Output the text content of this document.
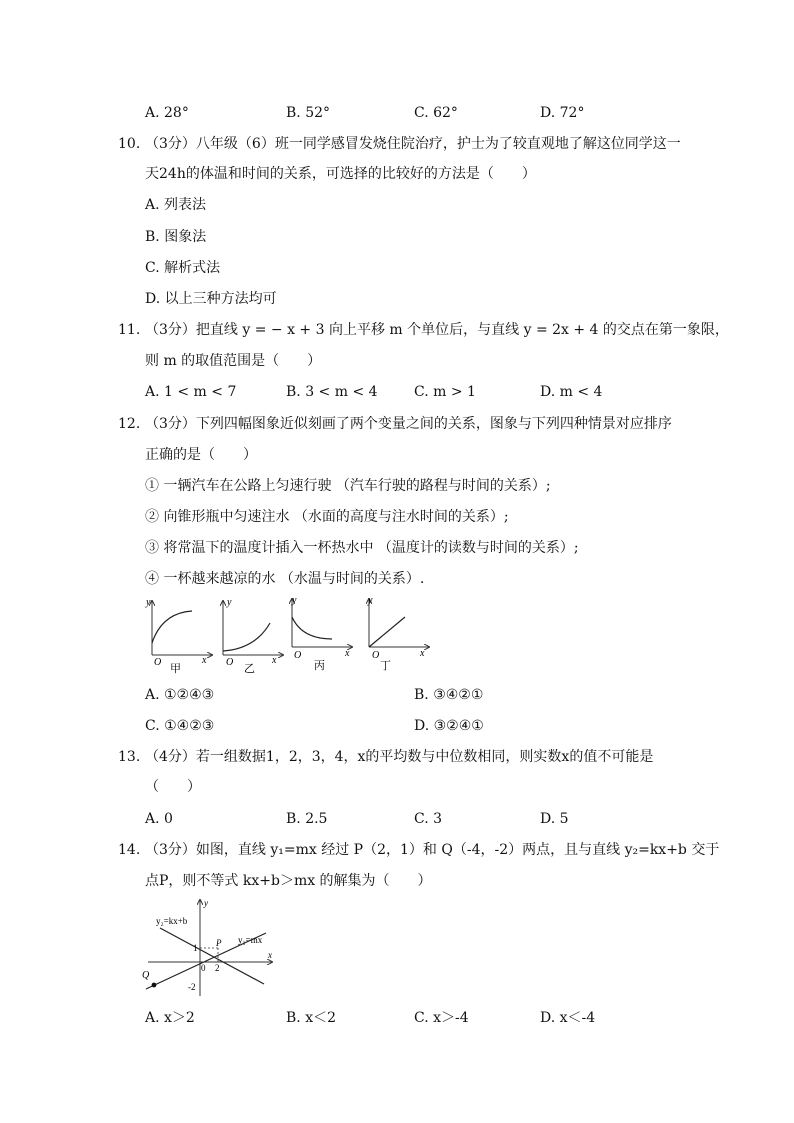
A. 28°	B. 52°	C. 62°	D. 72°
10. （3分）八年级（6）班一同学感冒发烧住院治疗，护士为了较直观地了解这位同学这一
天24h的体温和时间的关系，可选择的比较好的方法是（　　）
A. 列表法
B. 图象法
C. 解析式法
D. 以上三种方法均可
11. （3分）把直线 y = − x + 3 向上平移 m 个单位后，与直线 y = 2x + 4 的交点在第一象限，
则 m 的取值范围是（　　）
A. 1 < m < 7	B. 3 < m < 4	C. m > 1	D. m < 4
12. （3分）下列四幅图象近似刻画了两个变量之间的关系，图象与下列四种情景对应排序
正确的是（　　）
① 一辆汽车在公路上匀速行驶 （汽车行驶的路程与时间的关系）;
② 向锥形瓶中匀速注水 （水面的高度与注水时间的关系）;
③ 将常温下的温度计插入一杯热水中 （温度计的读数与时间的关系）;
④ 一杯越来越凉的水 （水温与时间的关系）.
y
x
O
甲
y
x
O
乙
y
x
O
丙
y
x
O
丁
A. ①②④③	B. ③④②①
C. ①④②③	D. ③②④①
13. （4分）若一组数据1，2，3，4，x的平均数与中位数相同，则实数x的值不可能是
（　　）
A. 0	B. 2.5	C. 3	D. 5
14. （3分）如图，直线 y₁=mx 经过 P（2，1）和 Q（-4，-2）两点，且与直线 y₂=kx+b 交于
点P，则不等式 kx+b＞mx 的解集为（　　）
y₂=kx+b
y₁=mx
P
Q
y
x
0
1
2
-2
A. x＞2	B. x＜2	C. x＞-4	D. x＜-4
